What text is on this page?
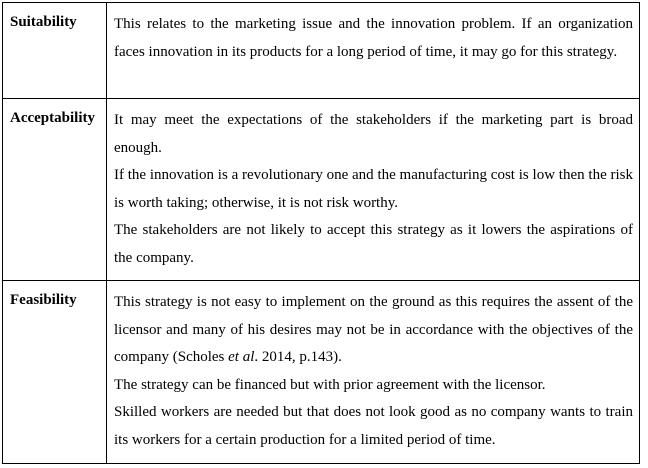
Suitability	This relates to the marketing issue and the innovation problem. If an organization faces innovation in its products for a long period of time, it may go for this strategy.

Acceptability	It may meet the expectations of the stakeholders if the marketing part is broad enough.

If the innovation is a revolutionary one and the manufacturing cost is low then the risk is worth taking; otherwise, it is not risk worthy.

The stakeholders are not likely to accept this strategy as it lowers the aspirations of the company.

Feasibility	This strategy is not easy to implement on the ground as this requires the assent of the licensor and many of his desires may not be in accordance with the objectives of the company (Scholes et al. 2014, p.143).

The strategy can be financed but with prior agreement with the licensor.

Skilled workers are needed but that does not look good as no company wants to train its workers for a certain production for a limited period of time.
